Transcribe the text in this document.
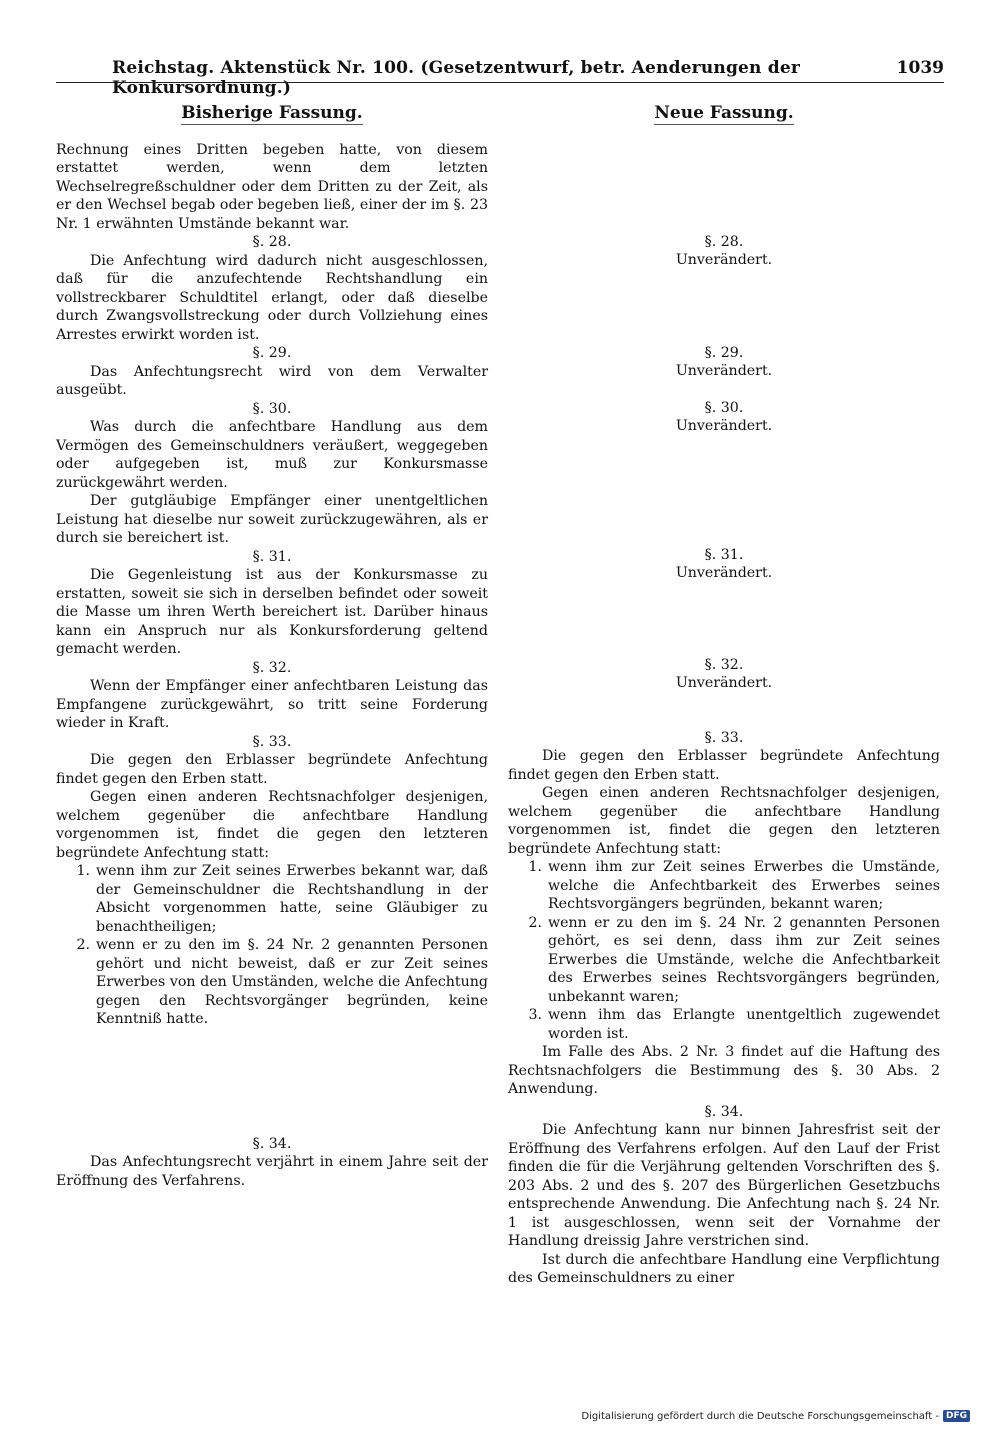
Reichstag. Aktenstück Nr. 100. (Gesetzentwurf, betr. Aenderungen der Konkursordnung.)
1039
Bisherige Fassung.

Rechnung eines Dritten begeben hatte, von diesem erstattet werden, wenn dem letzten Wechselregreßschuldner oder dem Dritten zu der Zeit, als er den Wechsel begab oder begeben ließ, einer der im §. 23 Nr. 1 erwähnten Umstände bekannt war.

§. 28.

Die Anfechtung wird dadurch nicht ausgeschlossen, daß für die anzufechtende Rechtshandlung ein vollstreckbarer Schuldtitel erlangt, oder daß dieselbe durch Zwangsvollstreckung oder durch Vollziehung eines Arrestes erwirkt worden ist.

§. 29.

Das Anfechtungsrecht wird von dem Verwalter ausgeübt.

§. 30.

Was durch die anfechtbare Handlung aus dem Vermögen des Gemeinschuldners veräußert, weggegeben oder aufgegeben ist, muß zur Konkursmasse zurückgewährt werden.

Der gutgläubige Empfänger einer unentgeltlichen Leistung hat dieselbe nur soweit zurückzugewähren, als er durch sie bereichert ist.

§. 31.

Die Gegenleistung ist aus der Konkursmasse zu erstatten, soweit sie sich in derselben befindet oder soweit die Masse um ihren Werth bereichert ist. Darüber hinaus kann ein Anspruch nur als Konkursforderung geltend gemacht werden.

§. 32.

Wenn der Empfänger einer anfechtbaren Leistung das Empfangene zurückgewährt, so tritt seine Forderung wieder in Kraft.

§. 33.

Die gegen den Erblasser begründete Anfechtung findet gegen den Erben statt.

Gegen einen anderen Rechtsnachfolger desjenigen, welchem gegenüber die anfechtbare Handlung vorgenommen ist, findet die gegen den letzteren begründete Anfechtung statt:

1. wenn ihm zur Zeit seines Erwerbes bekannt war, daß der Gemeinschuldner die Rechtshandlung in der Absicht vorgenommen hatte, seine Gläubiger zu benachtheiligen;
2. wenn er zu den im §. 24 Nr. 2 genannten Personen gehört und nicht beweist, daß er zur Zeit seines Erwerbes von den Umständen, welche die Anfechtung gegen den Rechtsvorgänger begründen, keine Kenntniß hatte.
§. 34.

Das Anfechtungsrecht verjährt in einem Jahre seit der Eröffnung des Verfahrens.

Neue Fassung.
§. 28.
Unverändert.
§. 29.
Unverändert.
§. 30.
Unverändert.
§. 31.
Unverändert.
§. 32.
Unverändert.
§. 33.

Die gegen den Erblasser begründete Anfechtung findet gegen den Erben statt.

Gegen einen anderen Rechtsnachfolger desjenigen, welchem gegenüber die anfechtbare Handlung vorgenommen ist, findet die gegen den letzteren begründete Anfechtung statt:

1. wenn ihm zur Zeit seines Erwerbes die Umstände, welche die Anfechtbarkeit des Erwerbes seines Rechtsvorgängers begründen, bekannt waren;
2. wenn er zu den im §. 24 Nr. 2 genannten Personen gehört, es sei denn, dass ihm zur Zeit seines Erwerbes die Umstände, welche die Anfechtbarkeit des Erwerbes seines Rechtsvorgängers begründen, unbekannt waren;
3. wenn ihm das Erlangte unentgeltlich zugewendet worden ist.

Im Falle des Abs. 2 Nr. 3 findet auf die Haftung des Rechtsnachfolgers die Bestimmung des §. 30 Abs. 2 Anwendung.

§. 34.

Die Anfechtung kann nur binnen Jahresfrist seit der Eröffnung des Verfahrens erfolgen. Auf den Lauf der Frist finden die für die Verjährung geltenden Vorschriften des §. 203 Abs. 2 und des §. 207 des Bürgerlichen Gesetzbuchs entsprechende Anwendung. Die Anfechtung nach §. 24 Nr. 1 ist ausgeschlossen, wenn seit der Vornahme der Handlung dreissig Jahre verstrichen sind.

Ist durch die anfechtbare Handlung eine Verpflichtung des Gemeinschuldners zu einer

Digitalisierung gefördert durch die Deutsche Forschungsgemeinschaft - DFG
